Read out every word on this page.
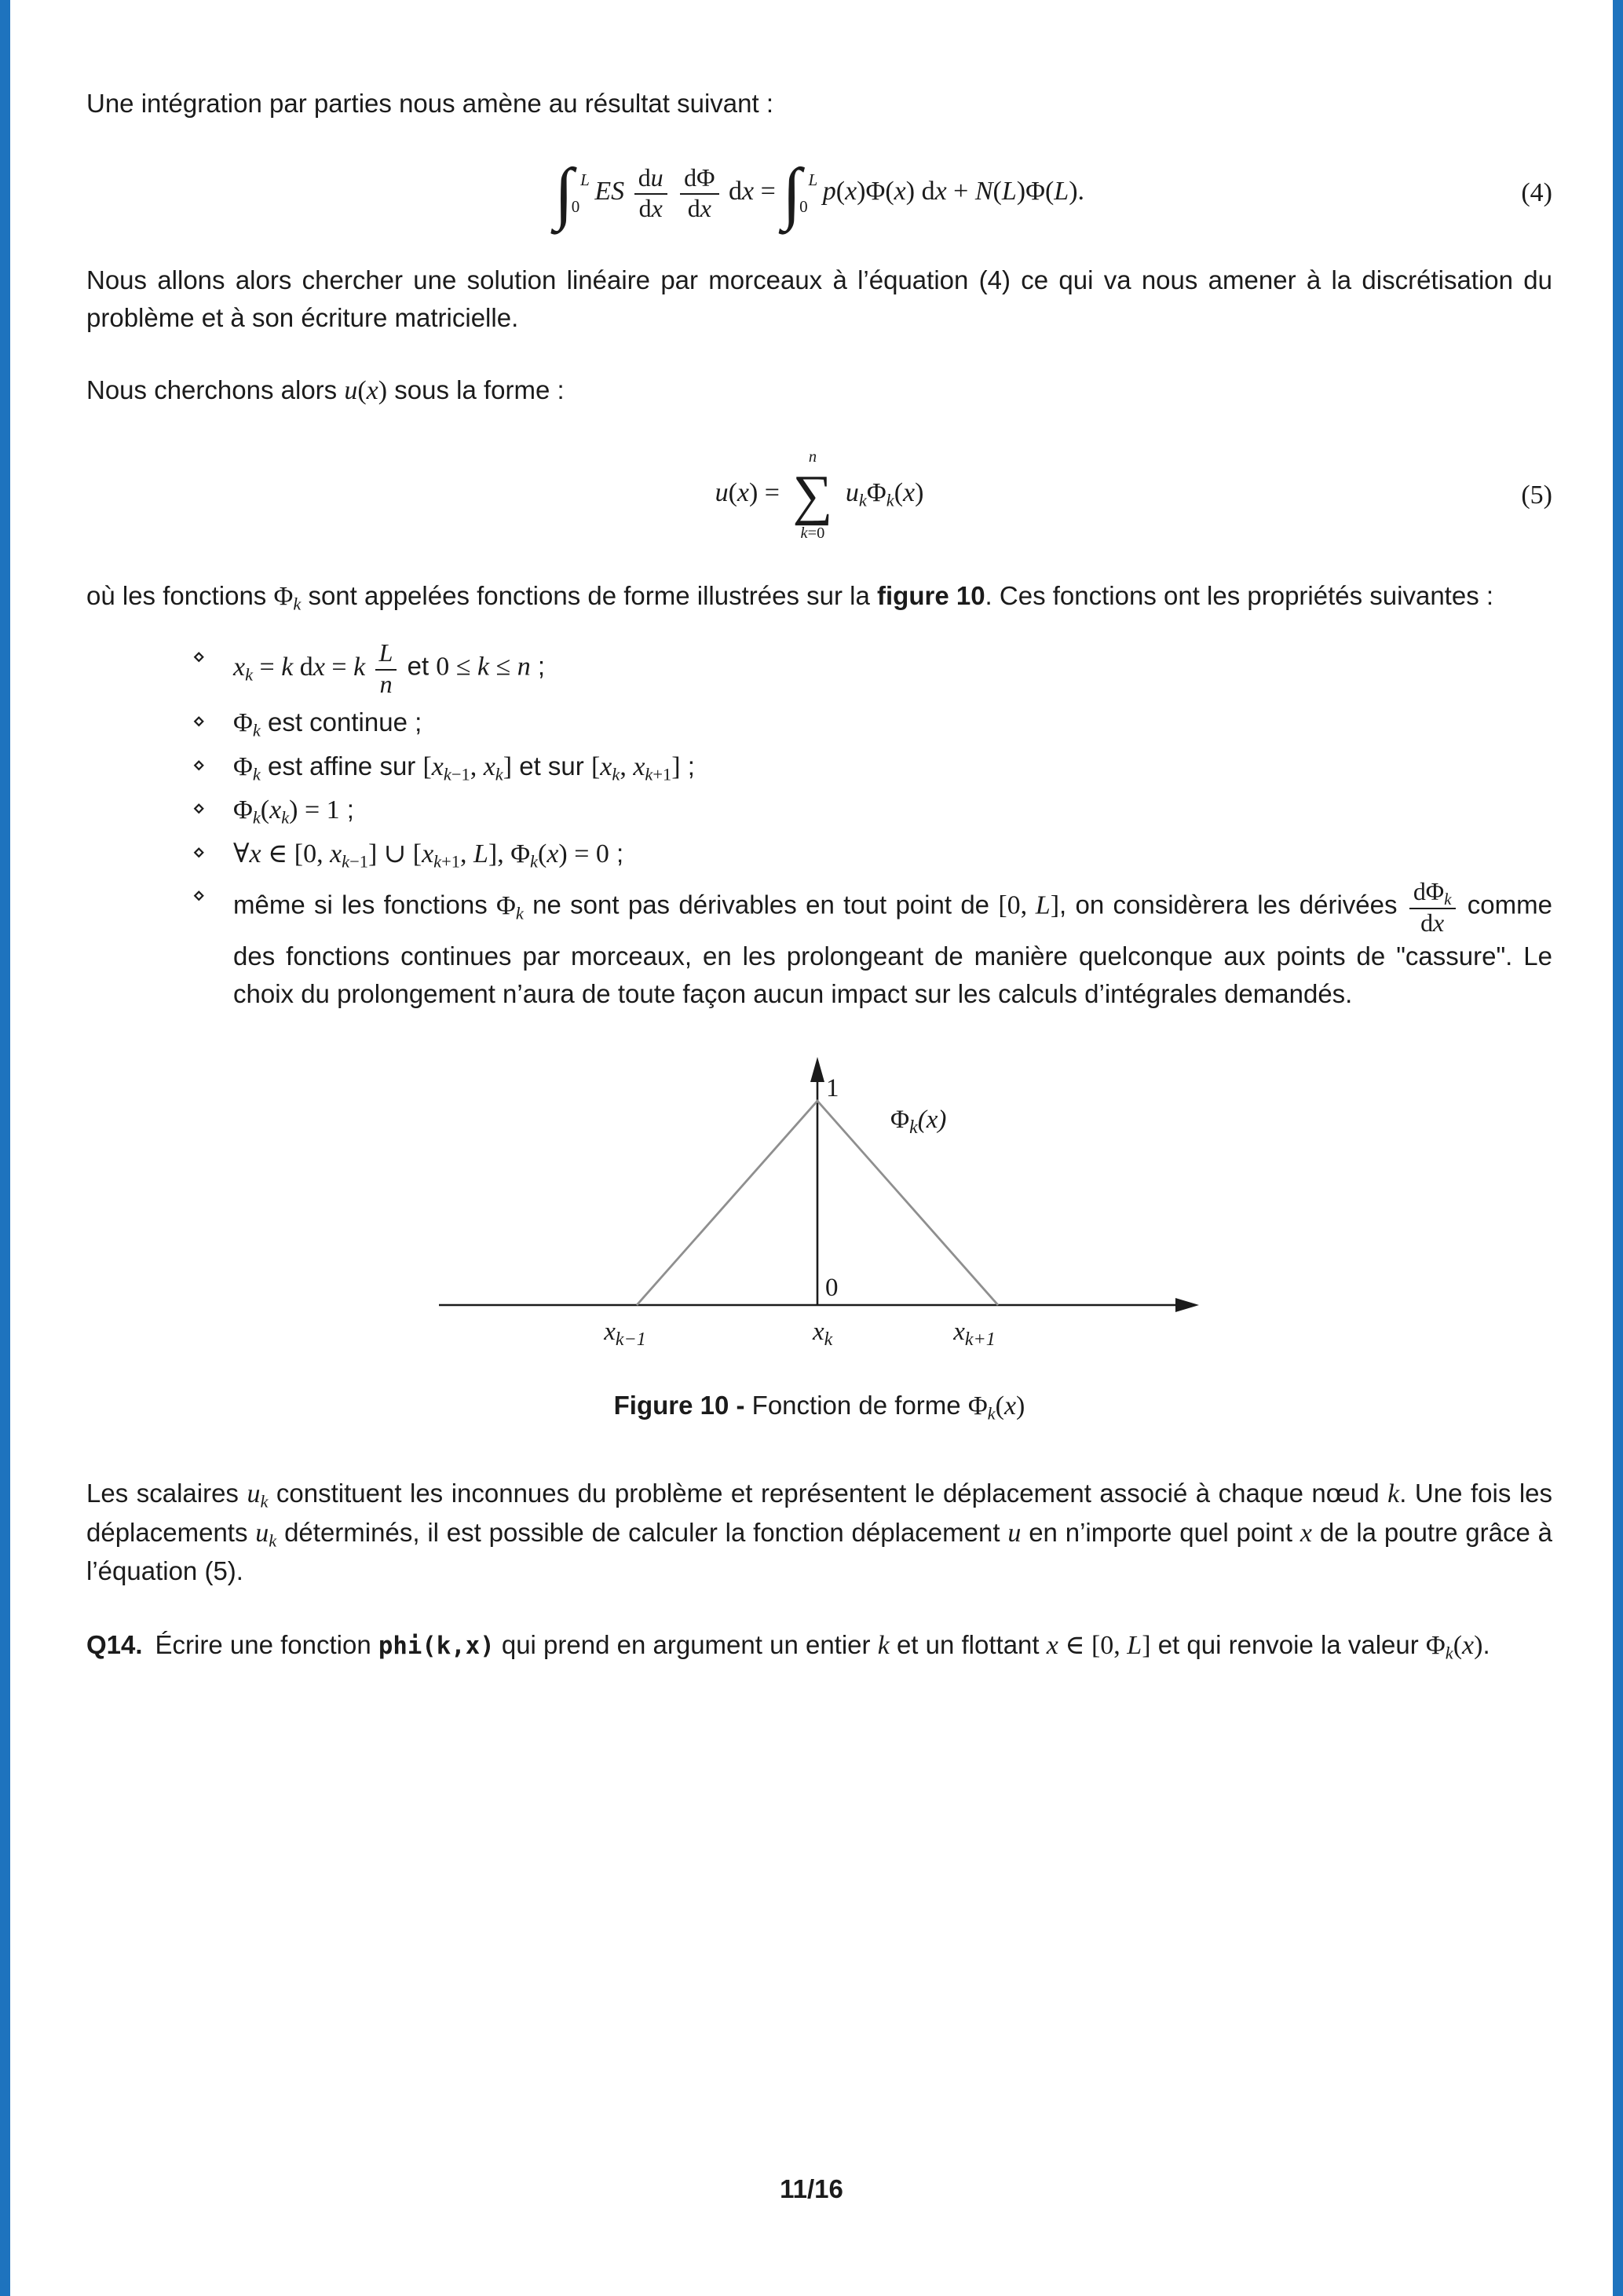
Une intégration par parties nous amène au résultat suivant :

∫ L
0
ES $\frac{du}{dx}$
$\frac{d\Phi}{dx}$ dx = ∫ L
0
p(x)Φ(x) dx + N(L)Φ(L).	(4)

Nous allons alors chercher une solution linéaire par morceaux à l’équation (4) ce qui va nous amener à la discrétisation du problème et à son écriture matricielle.

Nous cherchons alors u(x) sous la forme :

u(x) =
n
∑
k=0
$u_k\Phi_k(x)$	(5)

où les fonctions $\Phi_k$ sont appelées fonctions de forme illustrées sur la figure 10. Ces fonctions ont les propriétés suivantes :

⋄	$x_k = k$ dx = k $\frac{L}{n}$ et 0 ≤ k ≤ n ;
⋄	$\Phi_k$ est continue ;
⋄	$\Phi_k$ est affine sur [$x_{k-1}$, $x_k$] et sur [$x_k$, $x_{k+1}$] ;
⋄	$\Phi_k(x_k) = 1$ ;
⋄	∀x ∈ [0, $x_{k-1}$] ∪ [$x_{k+1}$, L], $\Phi_k(x) = 0$ ;
⋄	même si les fonctions $\Phi_k$ ne sont pas dérivables en tout point de [0, L], on considèrera les dérivées $\frac{d\Phi_k}{dx}$ comme des fonctions continues par morceaux, en les prolongeant de manière quelconque aux points de "cassure". Le choix du prolongement n’aura de toute façon aucun impact sur les calculs d’intégrales demandés.
1
0
$\Phi_k(x)$
$x_{k-1}$	$x_k$	$x_{k+1}$
Figure 10 - Fonction de forme $\Phi_k(x)$

Les scalaires $u_k$ constituent les inconnues du problème et représentent le déplacement associé à chaque nœud k. Une fois les déplacements $u_k$ déterminés, il est possible de calculer la fonction déplacement u en n’importe quel point x de la poutre grâce à l’équation (5).

Q14. Écrire une fonction phi(k,x) qui prend en argument un entier k et un flottant x ∈ [0, L] et qui renvoie la valeur $\Phi_k(x)$.
11/16
